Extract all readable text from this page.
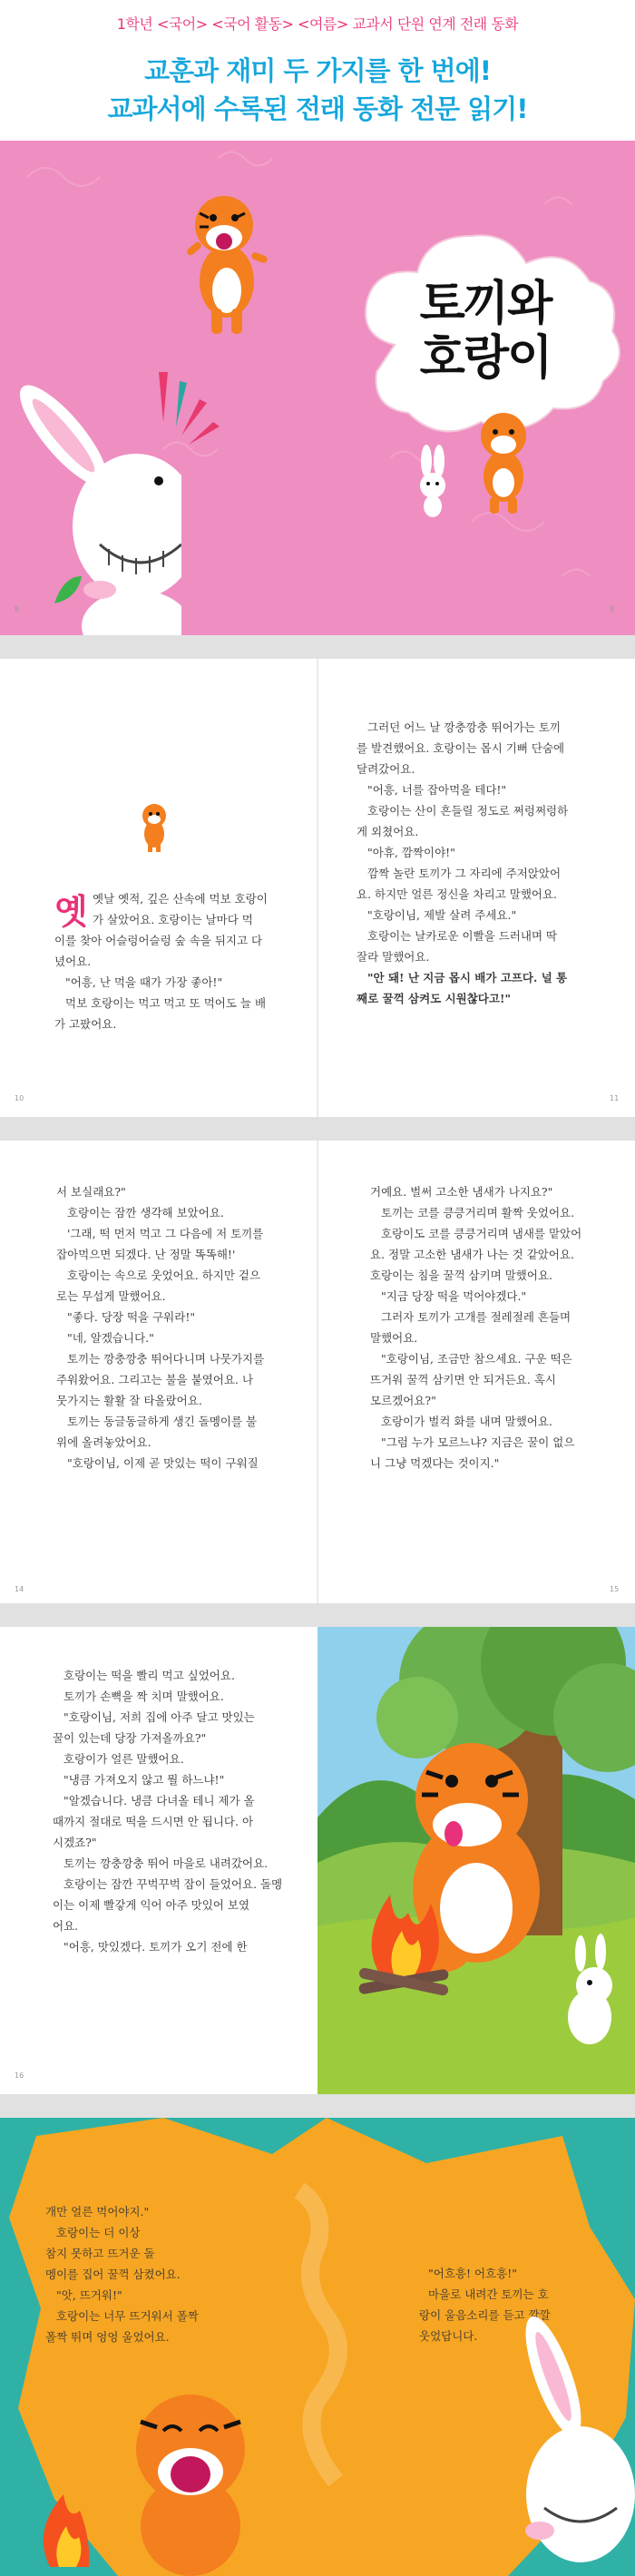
1학년 <국어> <국어 활동> <여름> 교과서 단원 연계 전래 동화
교훈과 재미 두 가지를 한 번에!
교과서에 수록된 전래 동화 전문 읽기!
토끼와
호랑이
8	9
옛 옛날 옛적, 깊은 산속에 먹보 호랑이

가 살았어요. 호랑이는 날마다 먹

이를 찾아 어슬렁어슬렁 숲 속을 뒤지고 다

녔어요.

"어흥, 난 먹을 때가 가장 좋아!"

먹보 호랑이는 먹고 먹고 또 먹어도 늘 배

가 고팠어요.

그러던 어느 날 깡충깡충 뛰어가는 토끼

를 발견했어요. 호랑이는 몹시 기뻐 단숨에

달려갔어요.

"어흥, 너를 잡아먹을 테다!"

호랑이는 산이 흔들릴 정도로 쩌렁쩌렁하

게 외쳤어요.

"아휴, 깜짝이야!"

깜짝 놀란 토끼가 그 자리에 주저앉았어

요. 하지만 얼른 정신을 차리고 말했어요.

"호랑이님, 제발 살려 주세요."

호랑이는 날카로운 이빨을 드러내며 딱

잘라 말했어요.

"안 돼! 난 지금 몹시 배가 고프다. 널 통

째로 꿀꺽 삼켜도 시원찮다고!"

10	11

서 보실래요?"

호랑이는 잠깐 생각해 보았어요.

'그래, 떡 먼저 먹고 그 다음에 저 토끼를

잡아먹으면 되겠다. 난 정말 똑똑해!'

호랑이는 속으로 웃었어요. 하지만 겉으

로는 무섭게 말했어요.

"좋다. 당장 떡을 구워라!"

"네, 알겠습니다."

토끼는 깡충깡충 뛰어다니며 나뭇가지를

주워왔어요. 그리고는 불을 붙였어요. 나

뭇가지는 활활 잘 타올랐어요.

토끼는 동글동글하게 생긴 돌멩이를 불

위에 올려놓았어요.

"호랑이님, 이제 곧 맛있는 떡이 구워질

거예요. 벌써 고소한 냄새가 나지요?"

토끼는 코를 킁킁거리며 활짝 웃었어요.

호랑이도 코를 킁킁거리며 냄새를 맡았어

요. 정말 고소한 냄새가 나는 것 같았어요.

호랑이는 침을 꿀꺽 삼키며 말했어요.

"지금 당장 떡을 먹어야겠다."

그러자 토끼가 고개를 절레절레 흔들며

말했어요.

"호랑이님, 조금만 참으세요. 구운 떡은

뜨거워 꿀꺽 삼키면 안 되거든요. 혹시

모르겠어요?"

호랑이가 벌컥 화를 내며 말했어요.

"그럼 누가 모르느냐? 지금은 꿀이 없으

니 그냥 먹겠다는 것이지."

14	15

호랑이는 떡을 빨리 먹고 싶었어요.

토끼가 손뼉을 짝 치며 말했어요.

"호랑이님, 저희 집에 아주 달고 맛있는

꿀이 있는데 당장 가져올까요?"

호랑이가 얼른 말했어요.

"냉큼 가져오지 않고 뭘 하느냐!"

"알겠습니다. 냉큼 다녀올 테니 제가 올

때까지 절대로 떡을 드시면 안 됩니다. 아

시겠죠?"

토끼는 깡충깡충 뛰어 마을로 내려갔어요.

호랑이는 잠깐 꾸벅꾸벅 잠이 들었어요. 돌멩

이는 이제 빨갛게 익어 아주 맛있어 보였

어요.

"어흥, 맛있겠다. 토끼가 오기 전에 한

16

개만 얼른 먹어야지."

호랑이는 더 이상

참지 못하고 뜨거운 돌

멩이를 집어 꿀꺽 삼켰어요.

"앗, 뜨거워!"

호랑이는 너무 뜨거워서 폴짝

폴짝 뛰며 엉엉 울었어요.

"어흐흥! 어흐흥!"

마을로 내려간 토끼는 호

랑이 울음소리를 듣고 깔깔

웃었답니다.
